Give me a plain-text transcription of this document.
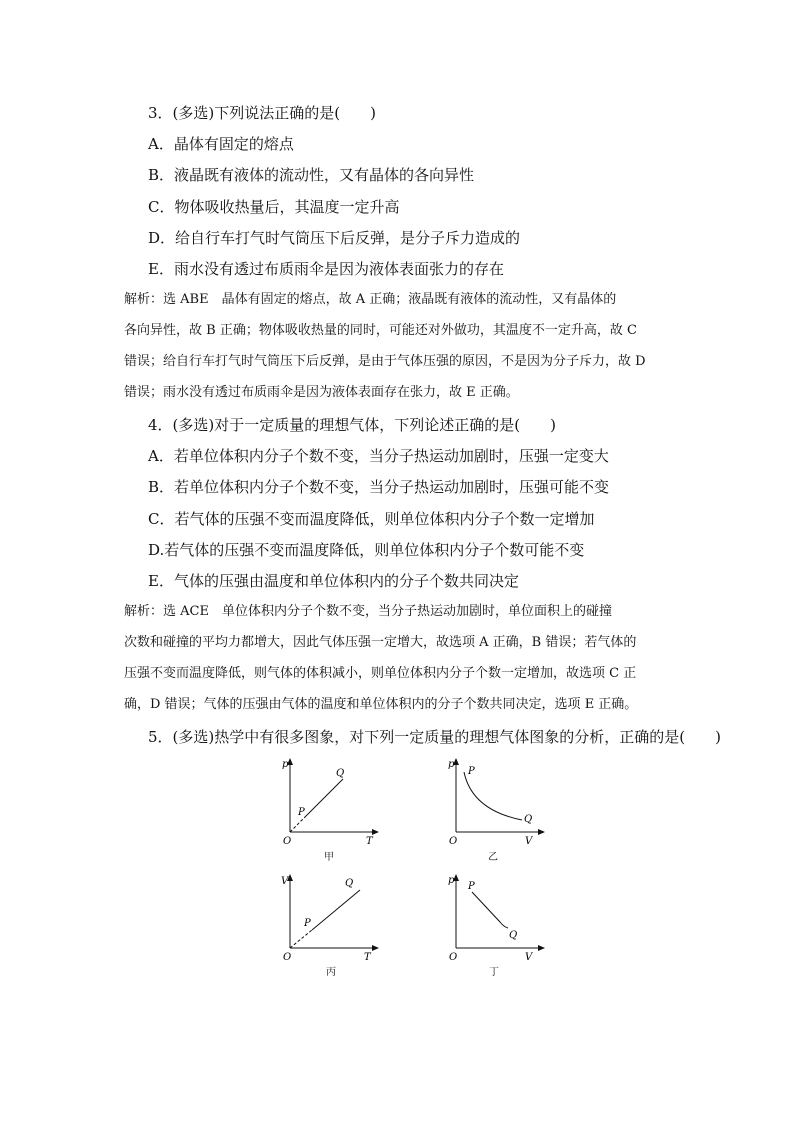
3．(多选)下列说法正确的是(　　)
A．晶体有固定的熔点
B．液晶既有液体的流动性，又有晶体的各向异性
C．物体吸收热量后，其温度一定升高
D．给自行车打气时气筒压下后反弹，是分子斥力造成的
E．雨水没有透过布质雨伞是因为液体表面张力的存在
解析：选 ABE　晶体有固定的熔点，故 A 正确；液晶既有液体的流动性，又有晶体的
各向异性，故 B 正确；物体吸收热量的同时，可能还对外做功，其温度不一定升高，故 C
错误；给自行车打气时气筒压下后反弹，是由于气体压强的原因，不是因为分子斥力，故 D
错误；雨水没有透过布质雨伞是因为液体表面存在张力，故 E 正确。
4．(多选)对于一定质量的理想气体，下列论述正确的是(　　)
A．若单位体积内分子个数不变，当分子热运动加剧时，压强一定变大
B．若单位体积内分子个数不变，当分子热运动加剧时，压强可能不变
C．若气体的压强不变而温度降低，则单位体积内分子个数一定增加
D.若气体的压强不变而温度降低，则单位体积内分子个数可能不变
E．气体的压强由温度和单位体积内的分子个数共同决定
解析：选 ACE　单位体积内分子个数不变，当分子热运动加剧时，单位面积上的碰撞
次数和碰撞的平均力都增大，因此气体压强一定增大，故选项 A 正确，B 错误；若气体的
压强不变而温度降低，则气体的体积减小，则单位体积内分子个数一定增加，故选项 C 正
确，D 错误；气体的压强由气体的温度和单位体积内的分子个数共同决定，选项 E 正确。
5．(多选)热学中有很多图象，对下列一定质量的理想气体图象的分析，正确的是(　　)
p
T
O
P
Q
甲
p
V
O
P
Q
乙
V
T
O
P
Q
丙
p
V
O
P
Q
丁
